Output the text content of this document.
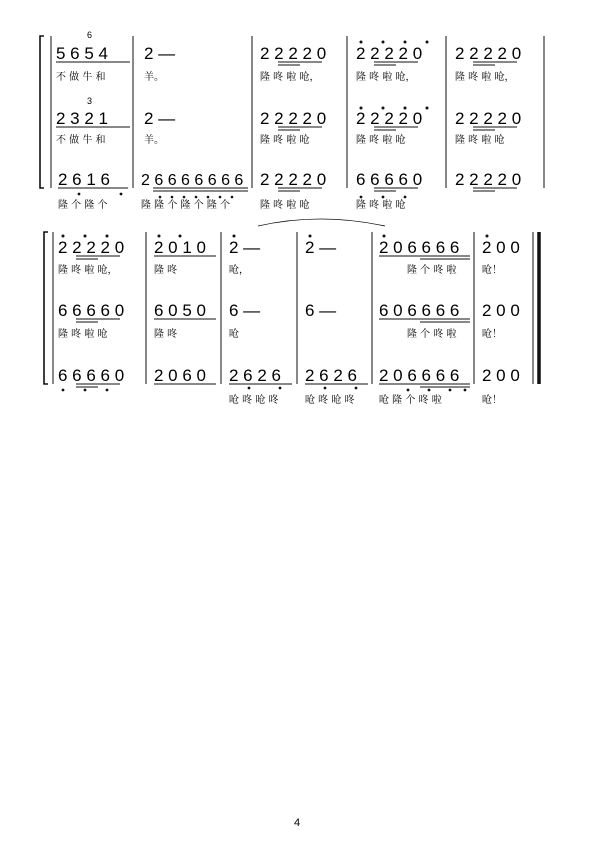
5 6 5 4
6
不 做 牛 和
2 3 2 1
3
不 做 牛 和
2 6 1 6
隆 个 隆 个
2 —
羊。
2 —
羊。
2 6 6 6 6 6 6 6
隆 隆 个 隆 个 隆 个
2 2 2 2 0
隆 咚 啦 呛，
2 2 2 2 0
隆 咚 啦 呛
2 2 2 2 0
隆 咚 啦 呛
2 2 2 2 0
隆 咚 啦 呛，
2 2 2 2 0
隆 咚 啦 呛
6 6 6 6 0
隆 咚 啦 呛
2 2 2 2 0
隆 咚 啦 呛，
2 2 2 2 0
隆 咚 啦 呛
2 2 2 2 0
2 2 2 2 0
隆 咚 啦 呛，
6 6 6 6 0
隆 咚 啦 呛
6 6 6 6 0
2 0 1 0
隆 咚
6 0 5 0
隆 咚
2 0 6 0
2 —
呛，
6 —
呛
2 6 2 6
呛 咚 呛 咚
2 —
6 —
2 6 2 6
呛 咚 呛 咚
2 0 6 6 6 6
隆 个 咚 啦
6 0 6 6 6 6
隆 个 咚 啦
2 0 6 6 6 6
呛 隆 个 咚 啦
2 0 0
呛！
2 0 0
呛！
2 0 0
呛！
4
